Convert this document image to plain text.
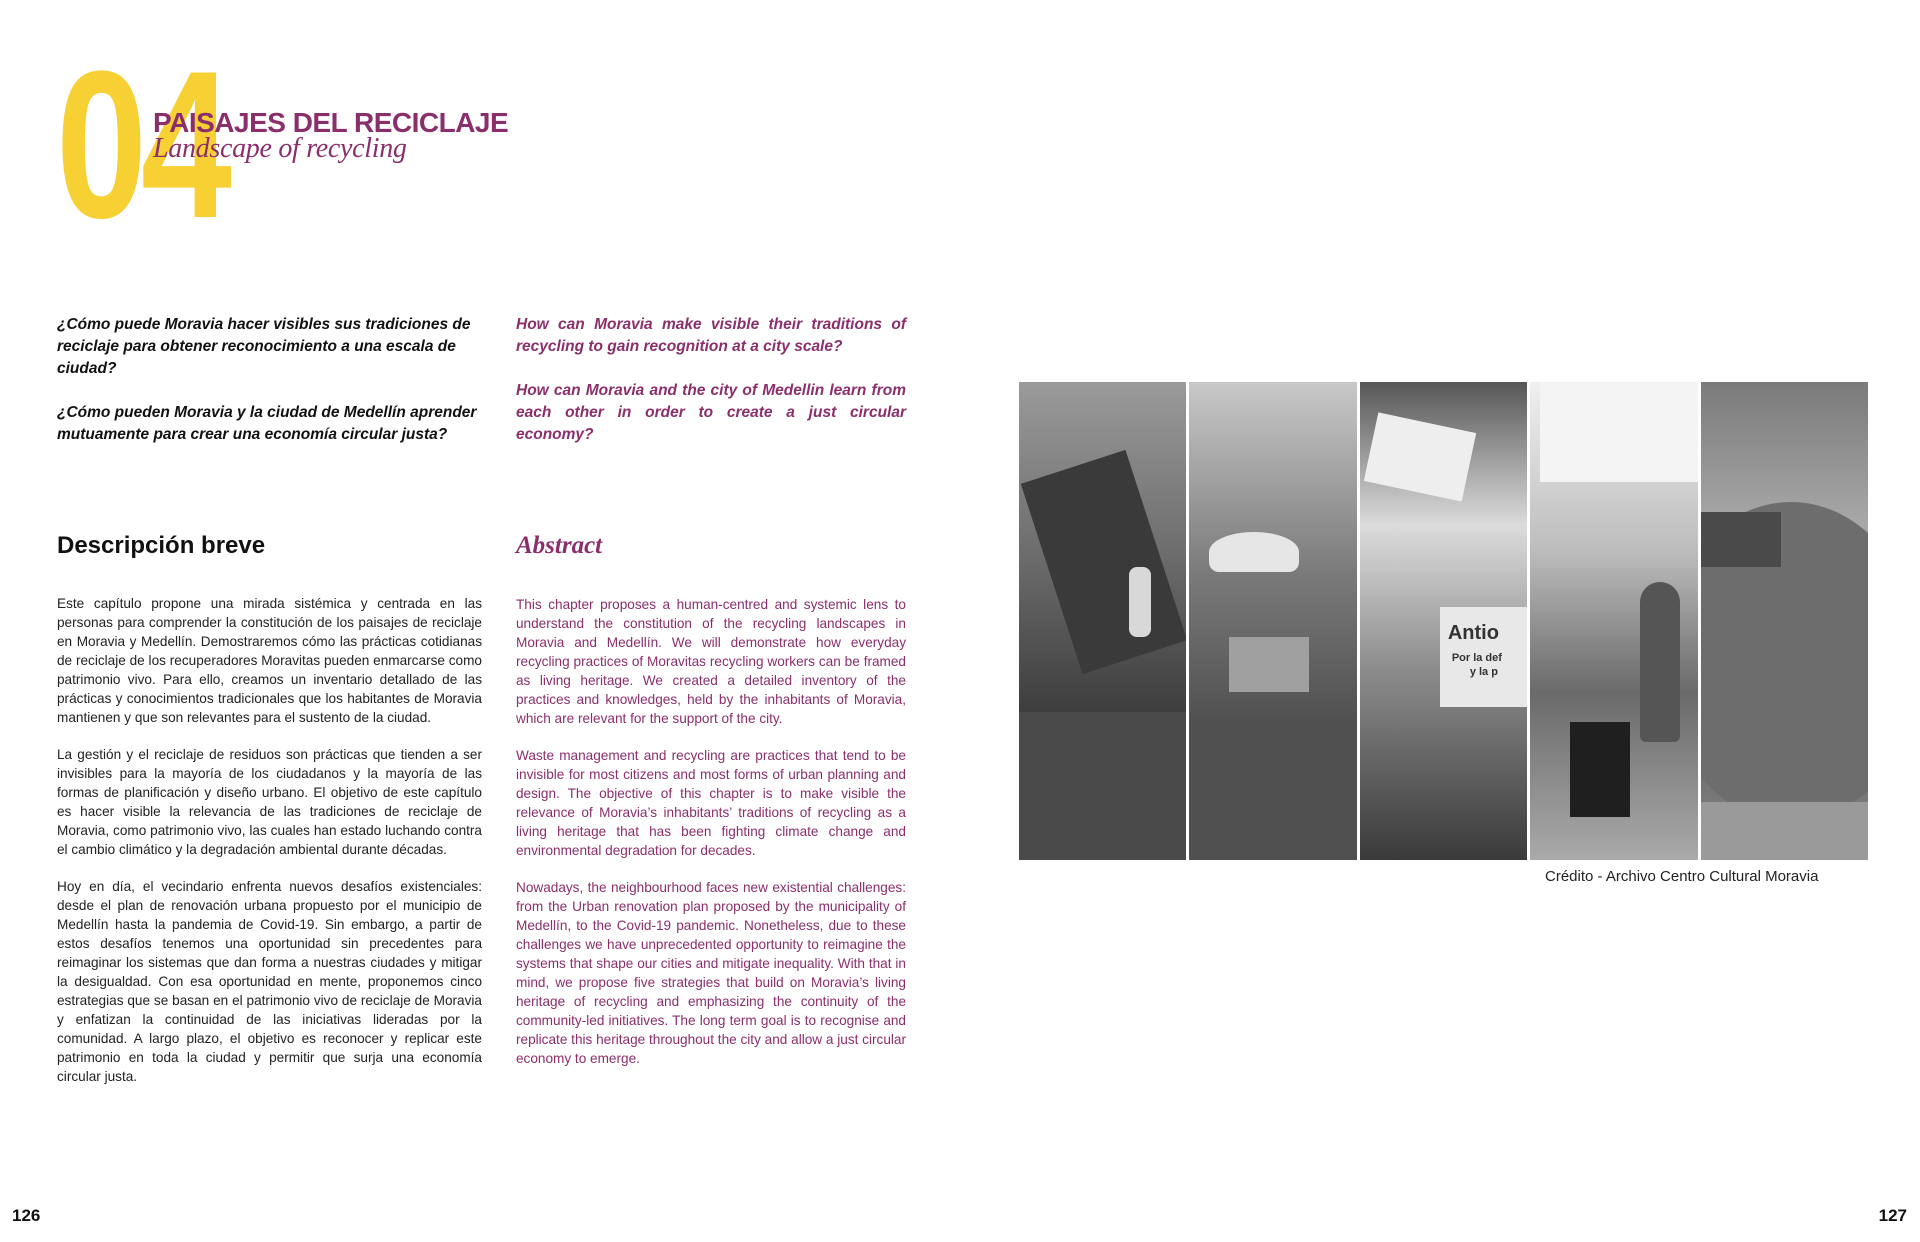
04
PAISAJES DEL RECICLAJE
Landscape of recycling

¿Cómo puede Moravia hacer visibles sus tradiciones de reciclaje para obtener reconocimiento a una escala de ciudad?

¿Cómo pueden Moravia y la ciudad de Medellín aprender mutuamente para crear una economía circular justa?

How can Moravia make visible their traditions of recycling to gain recognition at a city scale?

How can Moravia and the city of Medellin learn from each other in order to create a just circular economy?

Descripción breve	Abstract

Este capítulo propone una mirada sistémica y centrada en las personas para comprender la constitución de los paisajes de reciclaje en Moravia y Medellín. Demostraremos cómo las prácticas cotidianas de reciclaje de los recuperadores Moravitas pueden enmarcarse como patrimonio vivo. Para ello, creamos un inventario detallado de las prácticas y conocimientos tradicionales que los habitantes de Moravia mantienen y que son relevantes para el sustento de la ciudad.

La gestión y el reciclaje de residuos son prácticas que tienden a ser invisibles para la mayoría de los ciudadanos y la mayoría de las formas de planificación y diseño urbano. El objetivo de este capítulo es hacer visible la relevancia de las tradiciones de reciclaje de Moravia, como patrimonio vivo, las cuales han estado luchando contra el cambio climático y la degradación ambiental durante décadas.

Hoy en día, el vecindario enfrenta nuevos desafíos existenciales: desde el plan de renovación urbana propuesto por el municipio de Medellín hasta la pandemia de Covid-19. Sin embargo, a partir de estos desafíos tenemos una oportunidad sin precedentes para reimaginar los sistemas que dan forma a nuestras ciudades y mitigar la desigualdad. Con esa oportunidad en mente, proponemos cinco estrategias que se basan en el patrimonio vivo de reciclaje de Moravia y enfatizan la continuidad de las iniciativas lideradas por la comunidad. A largo plazo, el objetivo es reconocer y replicar este patrimonio en toda la ciudad y permitir que surja una economía circular justa.

This chapter proposes a human-centred and systemic lens to understand the constitution of the recycling landscapes in Moravia and Medellín. We will demonstrate how everyday recycling practices of Moravitas recycling workers can be framed as living heritage. We created a detailed inventory of the practices and knowledges, held by the inhabitants of Moravia, which are relevant for the support of the city.

Waste management and recycling are practices that tend to be invisible for most citizens and most forms of urban planning and design. The objective of this chapter is to make visible the relevance of Moravia’s inhabitants’ traditions of recycling as a living heritage that has been fighting climate change and environmental degradation for decades.

Nowadays, the neighbourhood faces new existential challenges: from the Urban renovation plan proposed by the municipality of Medellín, to the Covid-19 pandemic. Nonetheless, due to these challenges we have unprecedented opportunity to reimagine the systems that shape our cities and mitigate inequality. With that in mind, we propose five strategies that build on Moravia’s living heritage of recycling and emphasizing the continuity of the community-led initiatives. The long term goal is to recognise and replicate this heritage throughout the city and allow a just circular economy to emerge.

Antio
Por la def
y la p
Crédito - Archivo Centro Cultural Moravia
126	127
